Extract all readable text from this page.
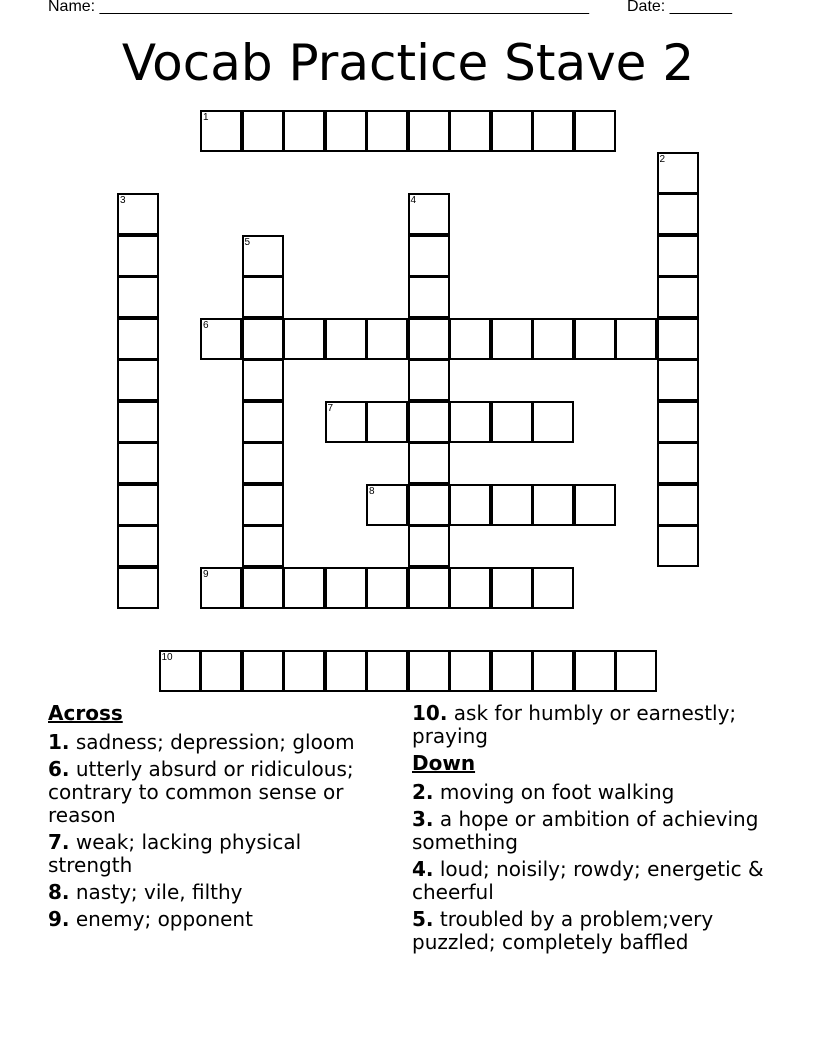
Name: _______________________________________________________ Date: _______
Vocab Practice Stave 2
1
2
3	4
5
6
7
8
9
10
Across
1. sadness; depression; gloom
6. utterly absurd or ridiculous; contrary to common sense or reason
7. weak; lacking physical strength
8. nasty; vile, filthy
9. enemy; opponent
10. ask for humbly or earnestly; praying
Down
2. moving on foot walking
3. a hope or ambition of achieving something
4. loud; noisily; rowdy; energetic & cheerful
5. troubled by a problem;very puzzled; completely baffled
